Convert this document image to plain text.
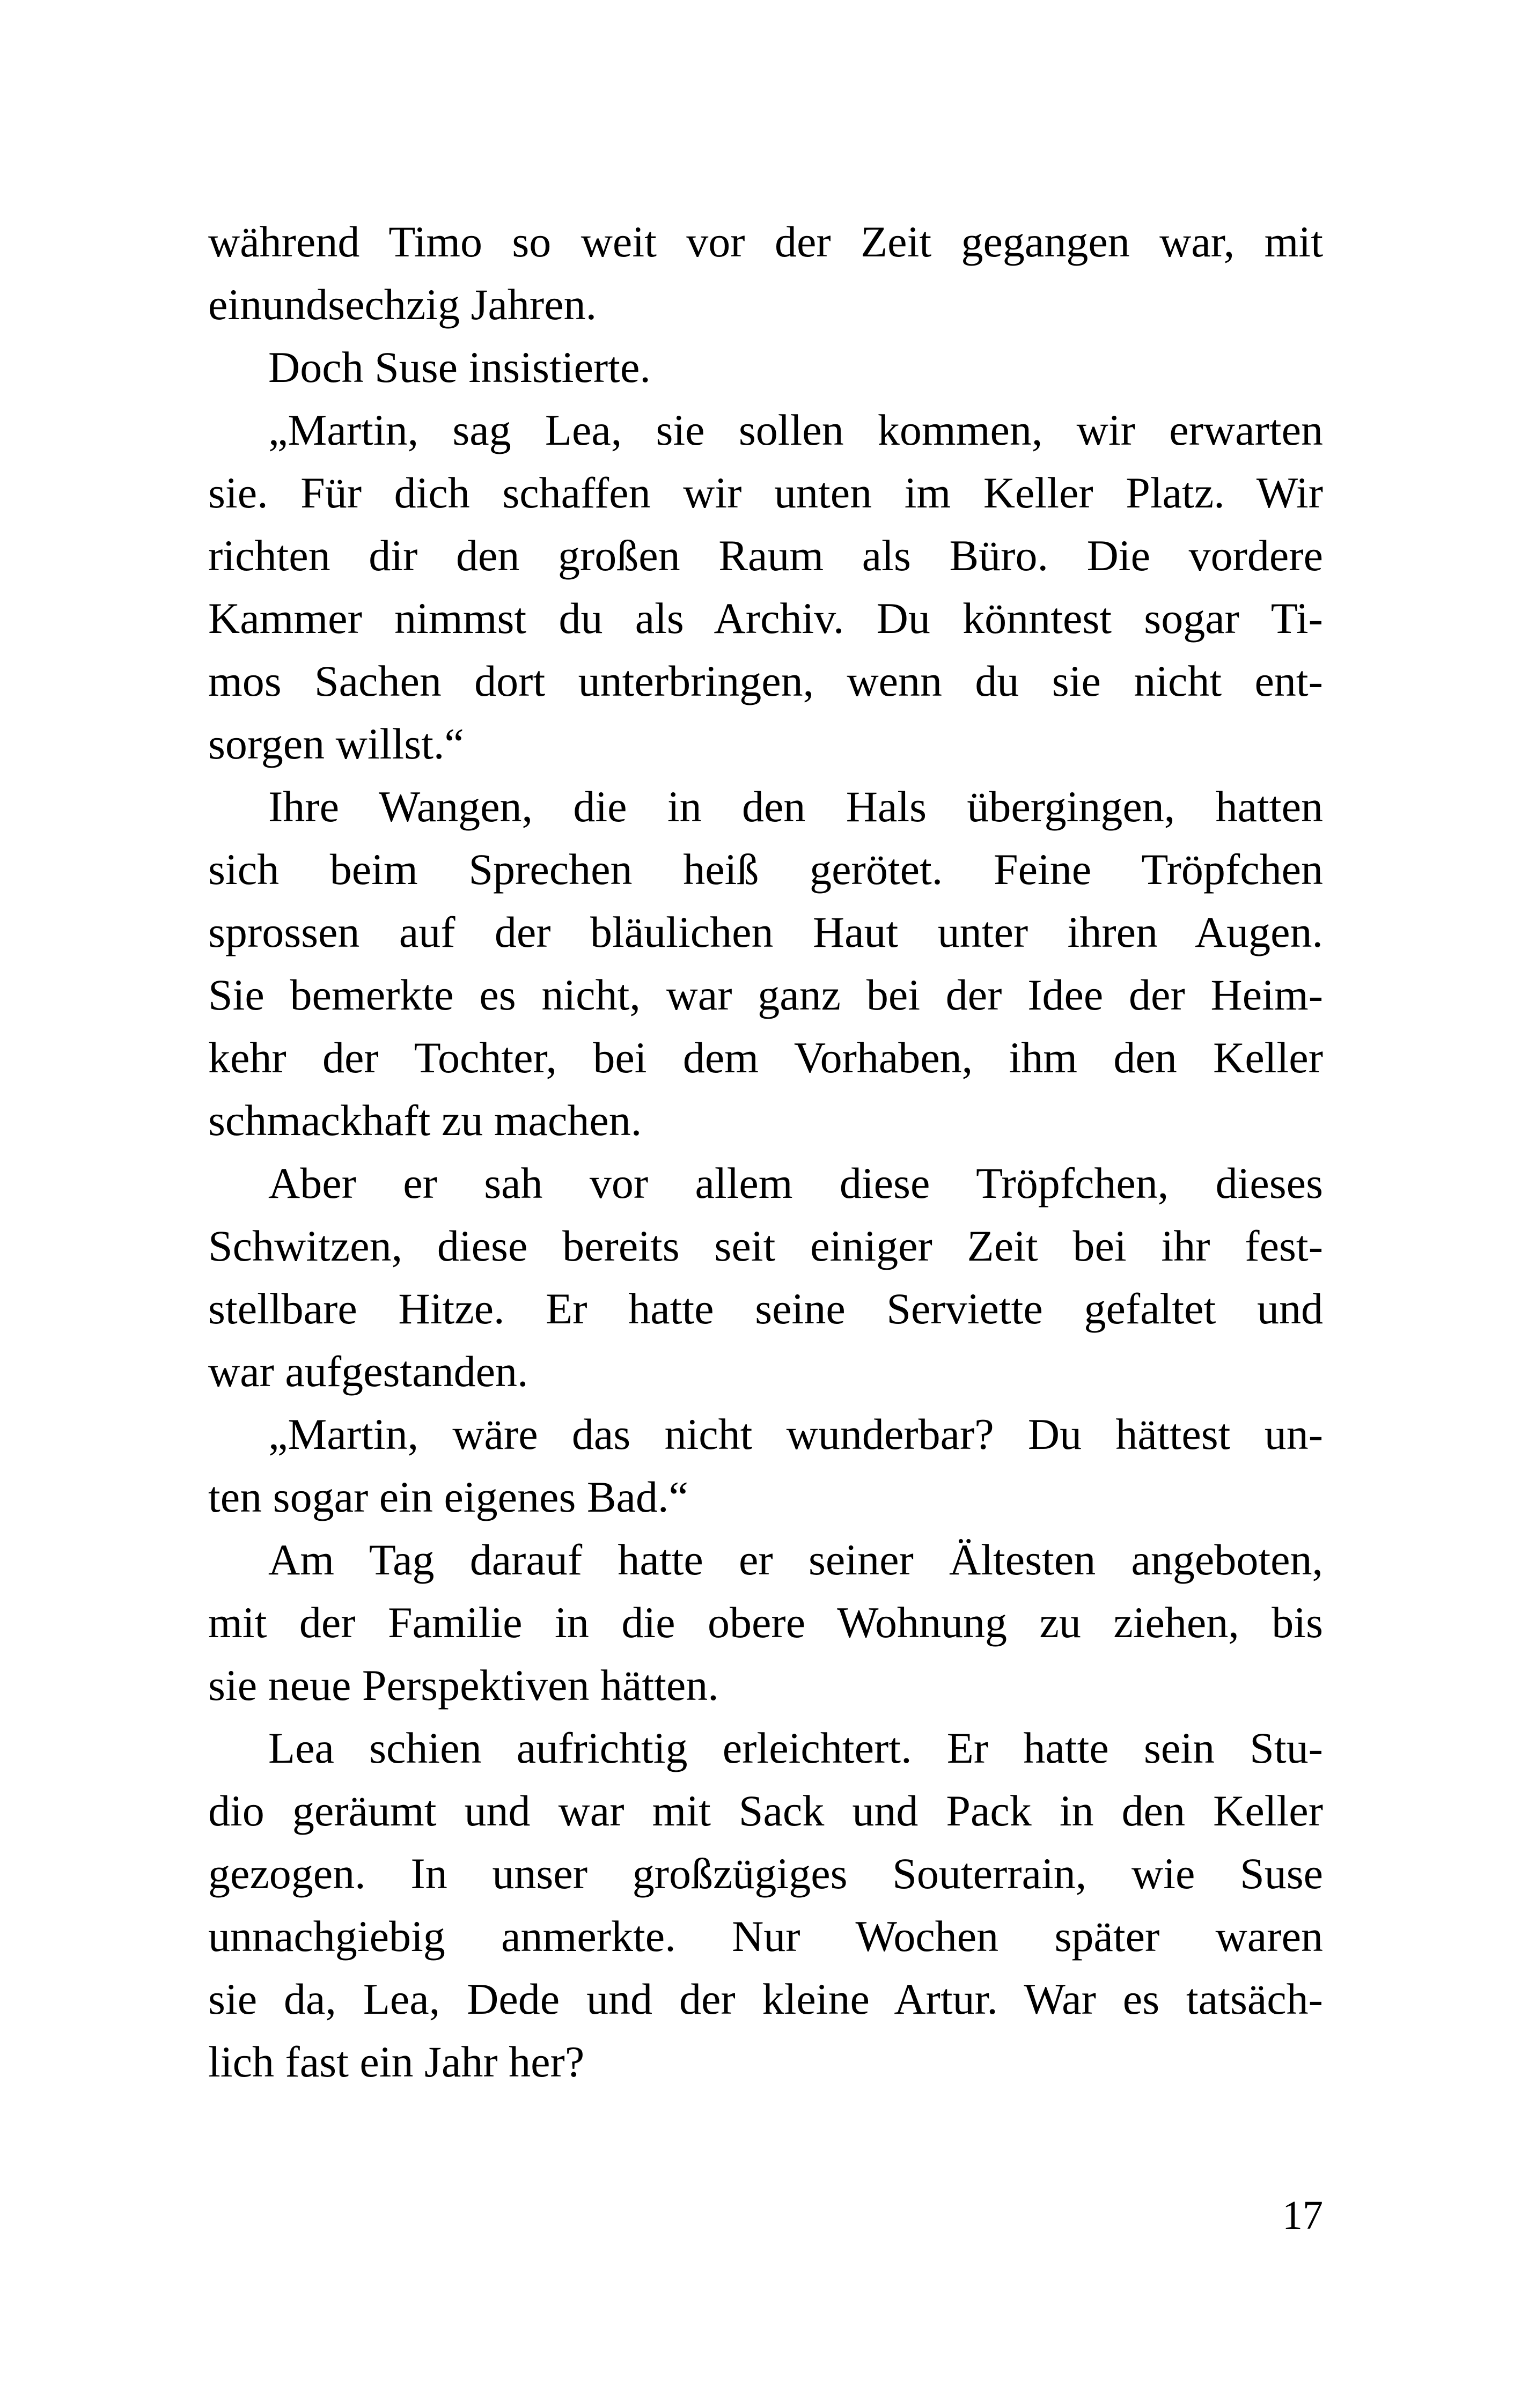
während Timo so weit vor der Zeit gegangen war, mit
einundsechzig Jahren.
Doch Suse insistierte.
„Martin, sag Lea, sie sollen kommen, wir erwarten
sie. Für dich schaffen wir unten im Keller Platz. Wir
richten dir den großen Raum als Büro. Die vordere
Kammer nimmst du als Archiv. Du könntest sogar Ti-
mos Sachen dort unterbringen, wenn du sie nicht ent-
sorgen willst.“
Ihre Wangen, die in den Hals übergingen, hatten
sich beim Sprechen heiß gerötet. Feine Tröpfchen
sprossen auf der bläulichen Haut unter ihren Augen.
Sie bemerkte es nicht, war ganz bei der Idee der Heim-
kehr der Tochter, bei dem Vorhaben, ihm den Keller
schmackhaft zu machen.
Aber er sah vor allem diese Tröpfchen, dieses
Schwitzen, diese bereits seit einiger Zeit bei ihr fest-
stellbare Hitze. Er hatte seine Serviette gefaltet und
war aufgestanden.
„Martin, wäre das nicht wunderbar? Du hättest un-
ten sogar ein eigenes Bad.“
Am Tag darauf hatte er seiner Ältesten angeboten,
mit der Familie in die obere Wohnung zu ziehen, bis
sie neue Perspektiven hätten.
Lea schien aufrichtig erleichtert. Er hatte sein Stu-
dio geräumt und war mit Sack und Pack in den Keller
gezogen. In unser großzügiges Souterrain, wie Suse
unnachgiebig anmerkte. Nur Wochen später waren
sie da, Lea, Dede und der kleine Artur. War es tatsäch-
lich fast ein Jahr her?
17
